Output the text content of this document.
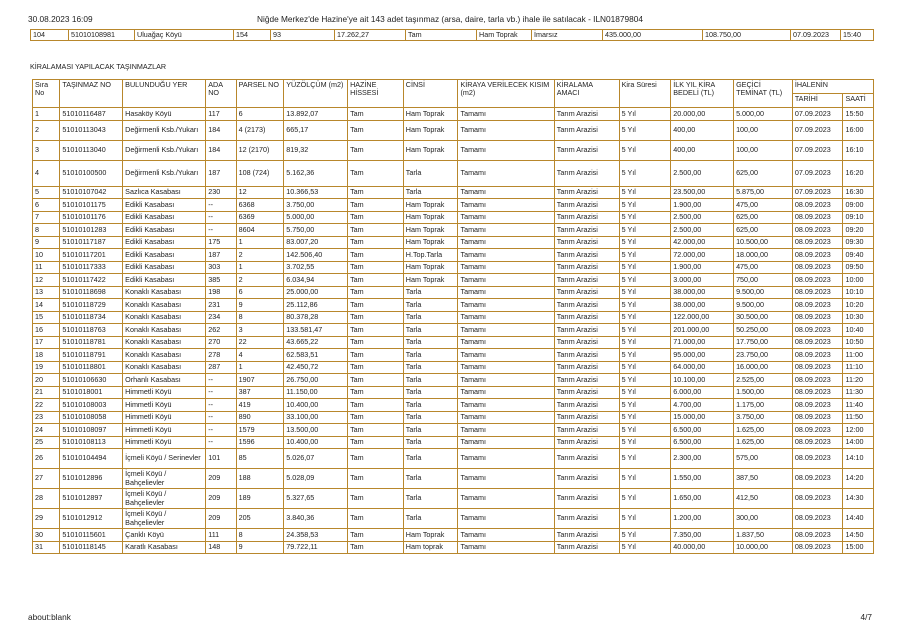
30.08.2023 16:09	Niğde Merkez'de Hazine'ye ait 143 adet taşınmaz (arsa, daire, tarla vb.) ihale ile satılacak - ILN01879804
104	51010108981	Uluağaç Köyü	154	93	17.262,27	Tam	Ham Toprak	İmarsız	435.000,00	108.750,00	07.09.2023	15:40
KİRALAMASI YAPILACAK TAŞINMAZLAR
Sıra No	TAŞINMAZ NO	BULUNDUĞU YER	ADA NO	PARSEL NO	YÜZÖLÇÜM (m2)	HAZİNE HİSSESİ	CİNSİ	KİRAYA VERİLECEK KISIM (m2)	KİRALAMA AMACI	Kira Süresi	İLK YIL KİRA BEDELİ (TL)	GEÇİCİ TEMİNAT (TL)	İHALENİN	
													TARİHİ	SAATİ
1	51010116487	Hasaköy Köyü	117	6	13.892,07	Tam	Ham Toprak	Tamamı	Tarım Arazisi	5 Yıl	20.000,00	5.000,00	07.09.2023	15:50
2	51010113043	Değirmenli Ksb./Yukarı	184	4 (2173)	665,17	Tam	Ham Toprak	Tamamı	Tarım Arazisi	5 Yıl	400,00	100,00	07.09.2023	16:00
3	51010113040	Değirmenli Ksb./Yukarı	184	12 (2170)	819,32	Tam	Ham Toprak	Tamamı	Tarım Arazisi	5 Yıl	400,00	100,00	07.09.2023	16:10
4	51010100500	Değirmenli Ksb./Yukarı	187	108 (724)	5.162,36	Tam	Tarla	Tamamı	Tarım Arazisi	5 Yıl	2.500,00	625,00	07.09.2023	16:20
5	51010107042	Sazlıca Kasabası	230	12	10.366,53	Tam	Tarla	Tamamı	Tarım Arazisi	5 Yıl	23.500,00	5.875,00	07.09.2023	16:30
6	51010101175	Edikli Kasabası	--	6368	3.750,00	Tam	Ham Toprak	Tamamı	Tarım Arazisi	5 Yıl	1.900,00	475,00	08.09.2023	09:00
7	51010101176	Edikli Kasabası	--	6369	5.000,00	Tam	Ham Toprak	Tamamı	Tarım Arazisi	5 Yıl	2.500,00	625,00	08.09.2023	09:10
8	51010101283	Edikli Kasabası	--	8604	5.750,00	Tam	Ham Toprak	Tamamı	Tarım Arazisi	5 Yıl	2.500,00	625,00	08.09.2023	09:20
9	51010117187	Edikli Kasabası	175	1	83.007,20	Tam	Ham Toprak	Tamamı	Tarım Arazisi	5 Yıl	42.000,00	10.500,00	08.09.2023	09:30
10	51010117201	Edikli Kasabası	187	2	142.506,40	Tam	H.Top.Tarla	Tamamı	Tarım Arazisi	5 Yıl	72.000,00	18.000,00	08.09.2023	09:40
11	51010117333	Edikli Kasabası	303	1	3.702,55	Tam	Ham Toprak	Tamamı	Tarım Arazisi	5 Yıl	1.900,00	475,00	08.09.2023	09:50
12	51010117422	Edikli Kasabası	385	2	6.034,94	Tam	Ham Toprak	Tamamı	Tarım Arazisi	5 Yıl	3.000,00	750,00	08.09.2023	10:00
13	51010118698	Konaklı Kasabası	198	6	25.000,00	Tam	Tarla	Tamamı	Tarım Arazisi	5 Yıl	38.000,00	9.500,00	08.09.2023	10:10
14	51010118729	Konaklı Kasabası	231	9	25.112,86	Tam	Tarla	Tamamı	Tarım Arazisi	5 Yıl	38.000,00	9.500,00	08.09.2023	10:20
15	51010118734	Konaklı Kasabası	234	8	80.378,28	Tam	Tarla	Tamamı	Tarım Arazisi	5 Yıl	122.000,00	30.500,00	08.09.2023	10:30
16	51010118763	Konaklı Kasabası	262	3	133.581,47	Tam	Tarla	Tamamı	Tarım Arazisi	5 Yıl	201.000,00	50.250,00	08.09.2023	10:40
17	51010118781	Konaklı Kasabası	270	22	43.665,22	Tam	Tarla	Tamamı	Tarım Arazisi	5 Yıl	71.000,00	17.750,00	08.09.2023	10:50
18	51010118791	Konaklı Kasabası	278	4	62.583,51	Tam	Tarla	Tamamı	Tarım Arazisi	5 Yıl	95.000,00	23.750,00	08.09.2023	11:00
19	51010118801	Konaklı Kasabası	287	1	42.450,72	Tam	Tarla	Tamamı	Tarım Arazisi	5 Yıl	64.000,00	16.000,00	08.09.2023	11:10
20	51010106630	Orhanlı Kasabası	--	1907	26.750,00	Tam	Tarla	Tamamı	Tarım Arazisi	5 Yıl	10.100,00	2.525,00	08.09.2023	11:20
21	5101018001	Himmetli Köyü	--	387	11.150,00	Tam	Tarla	Tamamı	Tarım Arazisi	5 Yıl	6.000,00	1.500,00	08.09.2023	11:30
22	51010108003	Himmetli Köyü	--	419	10.400,00	Tam	Tarla	Tamamı	Tarım Arazisi	5 Yıl	4.700,00	1.175,00	08.09.2023	11:40
23	51010108058	Himmetli Köyü	--	890	33.100,00	Tam	Tarla	Tamamı	Tarım Arazisi	5 Yıl	15.000,00	3.750,00	08.09.2023	11:50
24	51010108097	Himmetli Köyü	--	1579	13.500,00	Tam	Tarla	Tamamı	Tarım Arazisi	5 Yıl	6.500,00	1.625,00	08.09.2023	12:00
25	51010108113	Himmetli Köyü	--	1596	10.400,00	Tam	Tarla	Tamamı	Tarım Arazisi	5 Yıl	6.500,00	1.625,00	08.09.2023	14:00
26	51010104494	İçmeli Köyü / Serinevler	101	85	5.026,07	Tam	Tarla	Tamamı	Tarım Arazisi	5 Yıl	2.300,00	575,00	08.09.2023	14:10
27	5101012896	İçmeli Köyü / Bahçelievler	209	188	5.028,09	Tam	Tarla	Tamamı	Tarım Arazisi	5 Yıl	1.550,00	387,50	08.09.2023	14:20
28	5101012897	İçmeli Köyü / Bahçelievler	209	189	5.327,65	Tam	Tarla	Tamamı	Tarım Arazisi	5 Yıl	1.650,00	412,50	08.09.2023	14:30
29	5101012912	İçmeli Köyü / Bahçelievler	209	205	3.840,36	Tam	Tarla	Tamamı	Tarım Arazisi	5 Yıl	1.200,00	300,00	08.09.2023	14:40
30	51010115601	Çanklı Köyü	111	8	24.358,53	Tam	Ham Toprak	Tamamı	Tarım Arazisi	5 Yıl	7.350,00	1.837,50	08.09.2023	14:50
31	51010118145	Karatlı Kasabası	148	9	79.722,11	Tam	Ham toprak	Tamamı	Tarım Arazisi	5 Yıl	40.000,00	10.000,00	08.09.2023	15:00
about:blank	4/7
